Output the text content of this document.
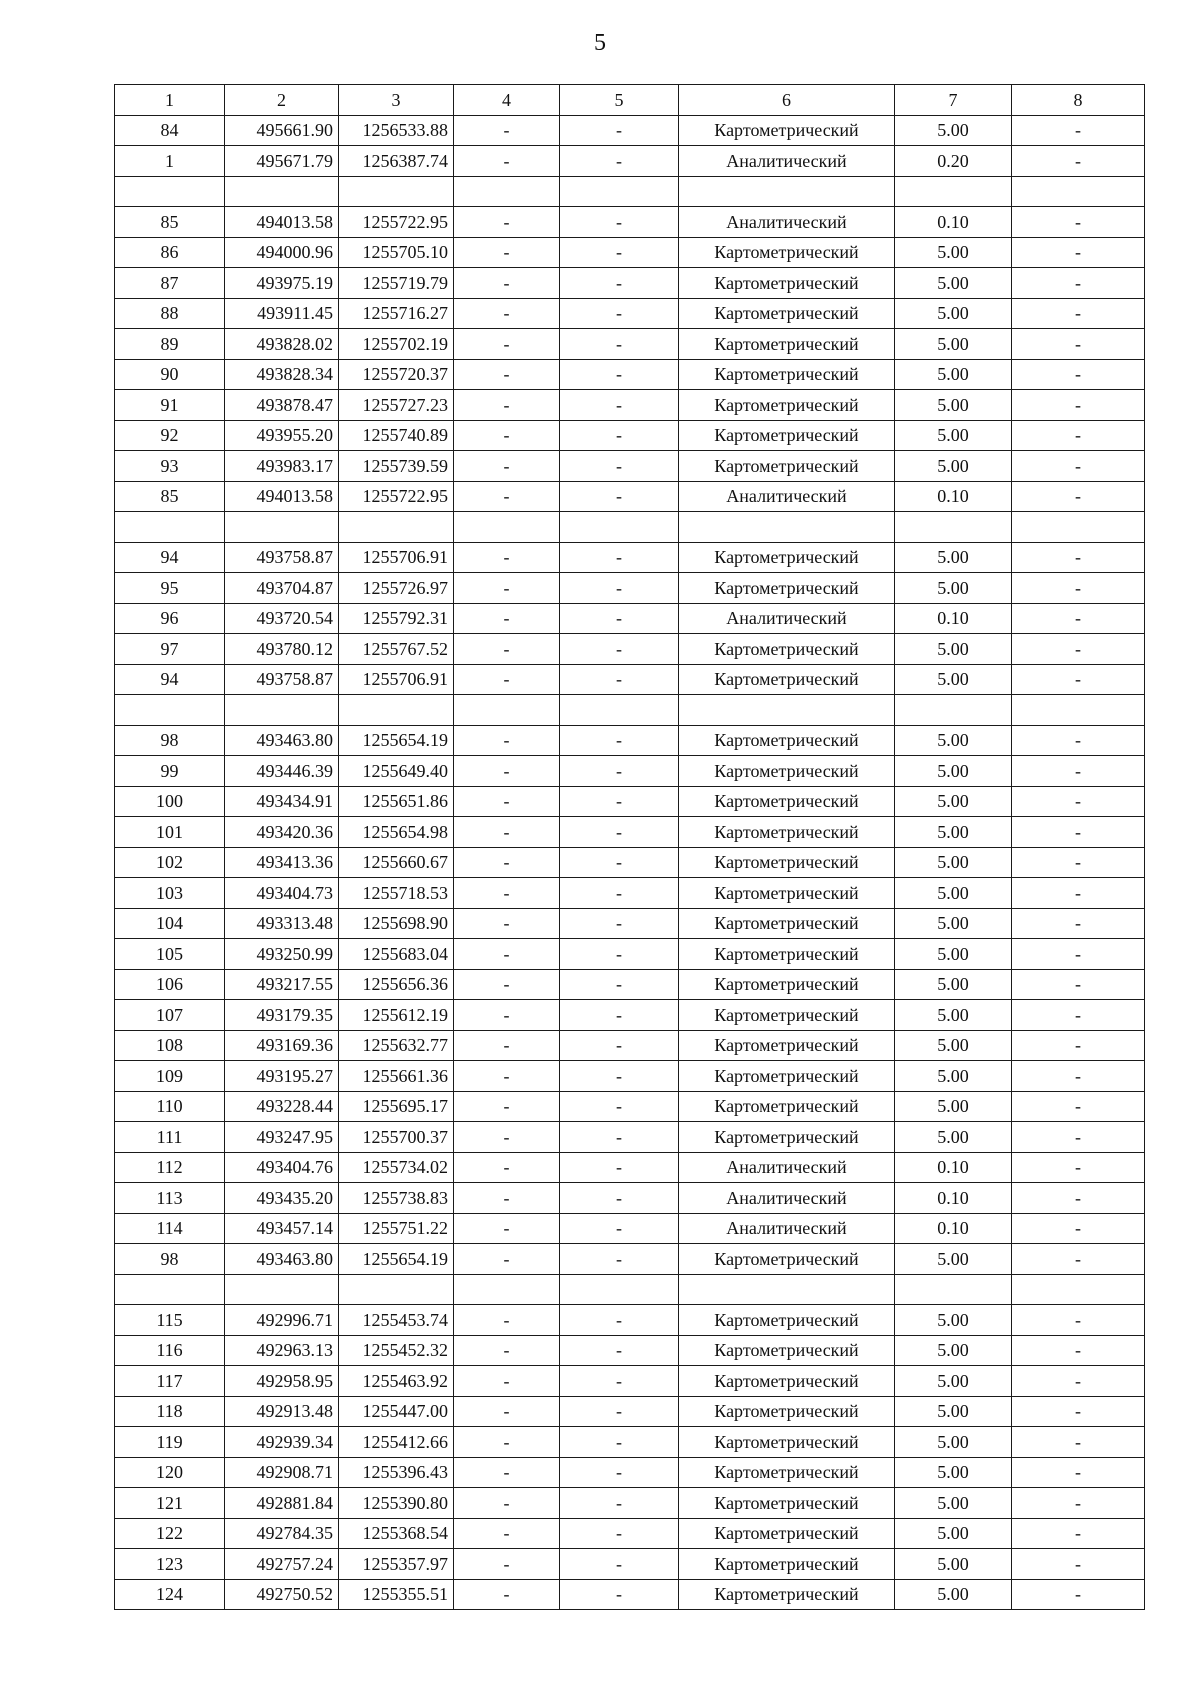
5
1	2	3	4	5	6	7	8
84	495661.90	1256533.88	-	-	Картометрический	5.00	-
1	495671.79	1256387.74	-	-	Аналитический	0.20	-

85	494013.58	1255722.95	-	-	Аналитический	0.10	-
86	494000.96	1255705.10	-	-	Картометрический	5.00	-
87	493975.19	1255719.79	-	-	Картометрический	5.00	-
88	493911.45	1255716.27	-	-	Картометрический	5.00	-
89	493828.02	1255702.19	-	-	Картометрический	5.00	-
90	493828.34	1255720.37	-	-	Картометрический	5.00	-
91	493878.47	1255727.23	-	-	Картометрический	5.00	-
92	493955.20	1255740.89	-	-	Картометрический	5.00	-
93	493983.17	1255739.59	-	-	Картометрический	5.00	-
85	494013.58	1255722.95	-	-	Аналитический	0.10	-

94	493758.87	1255706.91	-	-	Картометрический	5.00	-
95	493704.87	1255726.97	-	-	Картометрический	5.00	-
96	493720.54	1255792.31	-	-	Аналитический	0.10	-
97	493780.12	1255767.52	-	-	Картометрический	5.00	-
94	493758.87	1255706.91	-	-	Картометрический	5.00	-

98	493463.80	1255654.19	-	-	Картометрический	5.00	-
99	493446.39	1255649.40	-	-	Картометрический	5.00	-
100	493434.91	1255651.86	-	-	Картометрический	5.00	-
101	493420.36	1255654.98	-	-	Картометрический	5.00	-
102	493413.36	1255660.67	-	-	Картометрический	5.00	-
103	493404.73	1255718.53	-	-	Картометрический	5.00	-
104	493313.48	1255698.90	-	-	Картометрический	5.00	-
105	493250.99	1255683.04	-	-	Картометрический	5.00	-
106	493217.55	1255656.36	-	-	Картометрический	5.00	-
107	493179.35	1255612.19	-	-	Картометрический	5.00	-
108	493169.36	1255632.77	-	-	Картометрический	5.00	-
109	493195.27	1255661.36	-	-	Картометрический	5.00	-
110	493228.44	1255695.17	-	-	Картометрический	5.00	-
111	493247.95	1255700.37	-	-	Картометрический	5.00	-
112	493404.76	1255734.02	-	-	Аналитический	0.10	-
113	493435.20	1255738.83	-	-	Аналитический	0.10	-
114	493457.14	1255751.22	-	-	Аналитический	0.10	-
98	493463.80	1255654.19	-	-	Картометрический	5.00	-

115	492996.71	1255453.74	-	-	Картометрический	5.00	-
116	492963.13	1255452.32	-	-	Картометрический	5.00	-
117	492958.95	1255463.92	-	-	Картометрический	5.00	-
118	492913.48	1255447.00	-	-	Картометрический	5.00	-
119	492939.34	1255412.66	-	-	Картометрический	5.00	-
120	492908.71	1255396.43	-	-	Картометрический	5.00	-
121	492881.84	1255390.80	-	-	Картометрический	5.00	-
122	492784.35	1255368.54	-	-	Картометрический	5.00	-
123	492757.24	1255357.97	-	-	Картометрический	5.00	-
124	492750.52	1255355.51	-	-	Картометрический	5.00	-
